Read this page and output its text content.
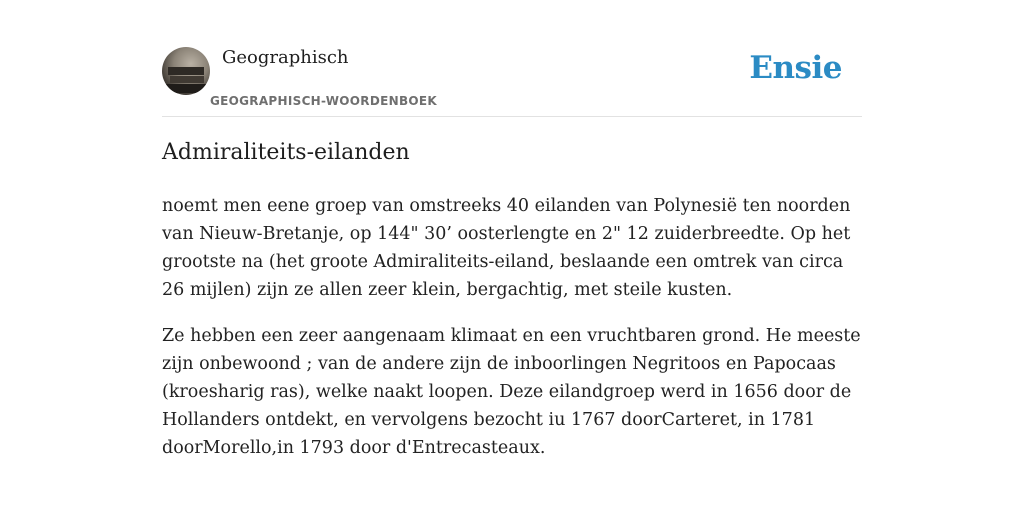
Geographisch
GEOGRAPHISCH-WOORDENBOEK
Ensie
Admiraliteits-eilanden

noemt men eene groep van omstreeks 40 eilanden van Polynesië ten noorden van Nieuw-Bretanje, op 144" 30’ oosterlengte en 2" 12 zuiderbreedte. Op het grootste na (het groote Admiraliteits-eiland, beslaande een omtrek van circa 26 mijlen) zijn ze allen zeer klein, bergachtig, met steile kusten.

Ze hebben een zeer aangenaam klimaat en een vruchtbaren grond. He meeste zijn onbewoond ; van de andere zijn de inboorlingen Negritoos en Papocaas (kroesharig ras), welke naakt loopen. Deze eilandgroep werd in 1656 door de Hollanders ontdekt, en vervolgens bezocht iu 1767 doorCarteret, in 1781 doorMorello,in 1793 door d'Entrecasteaux.
